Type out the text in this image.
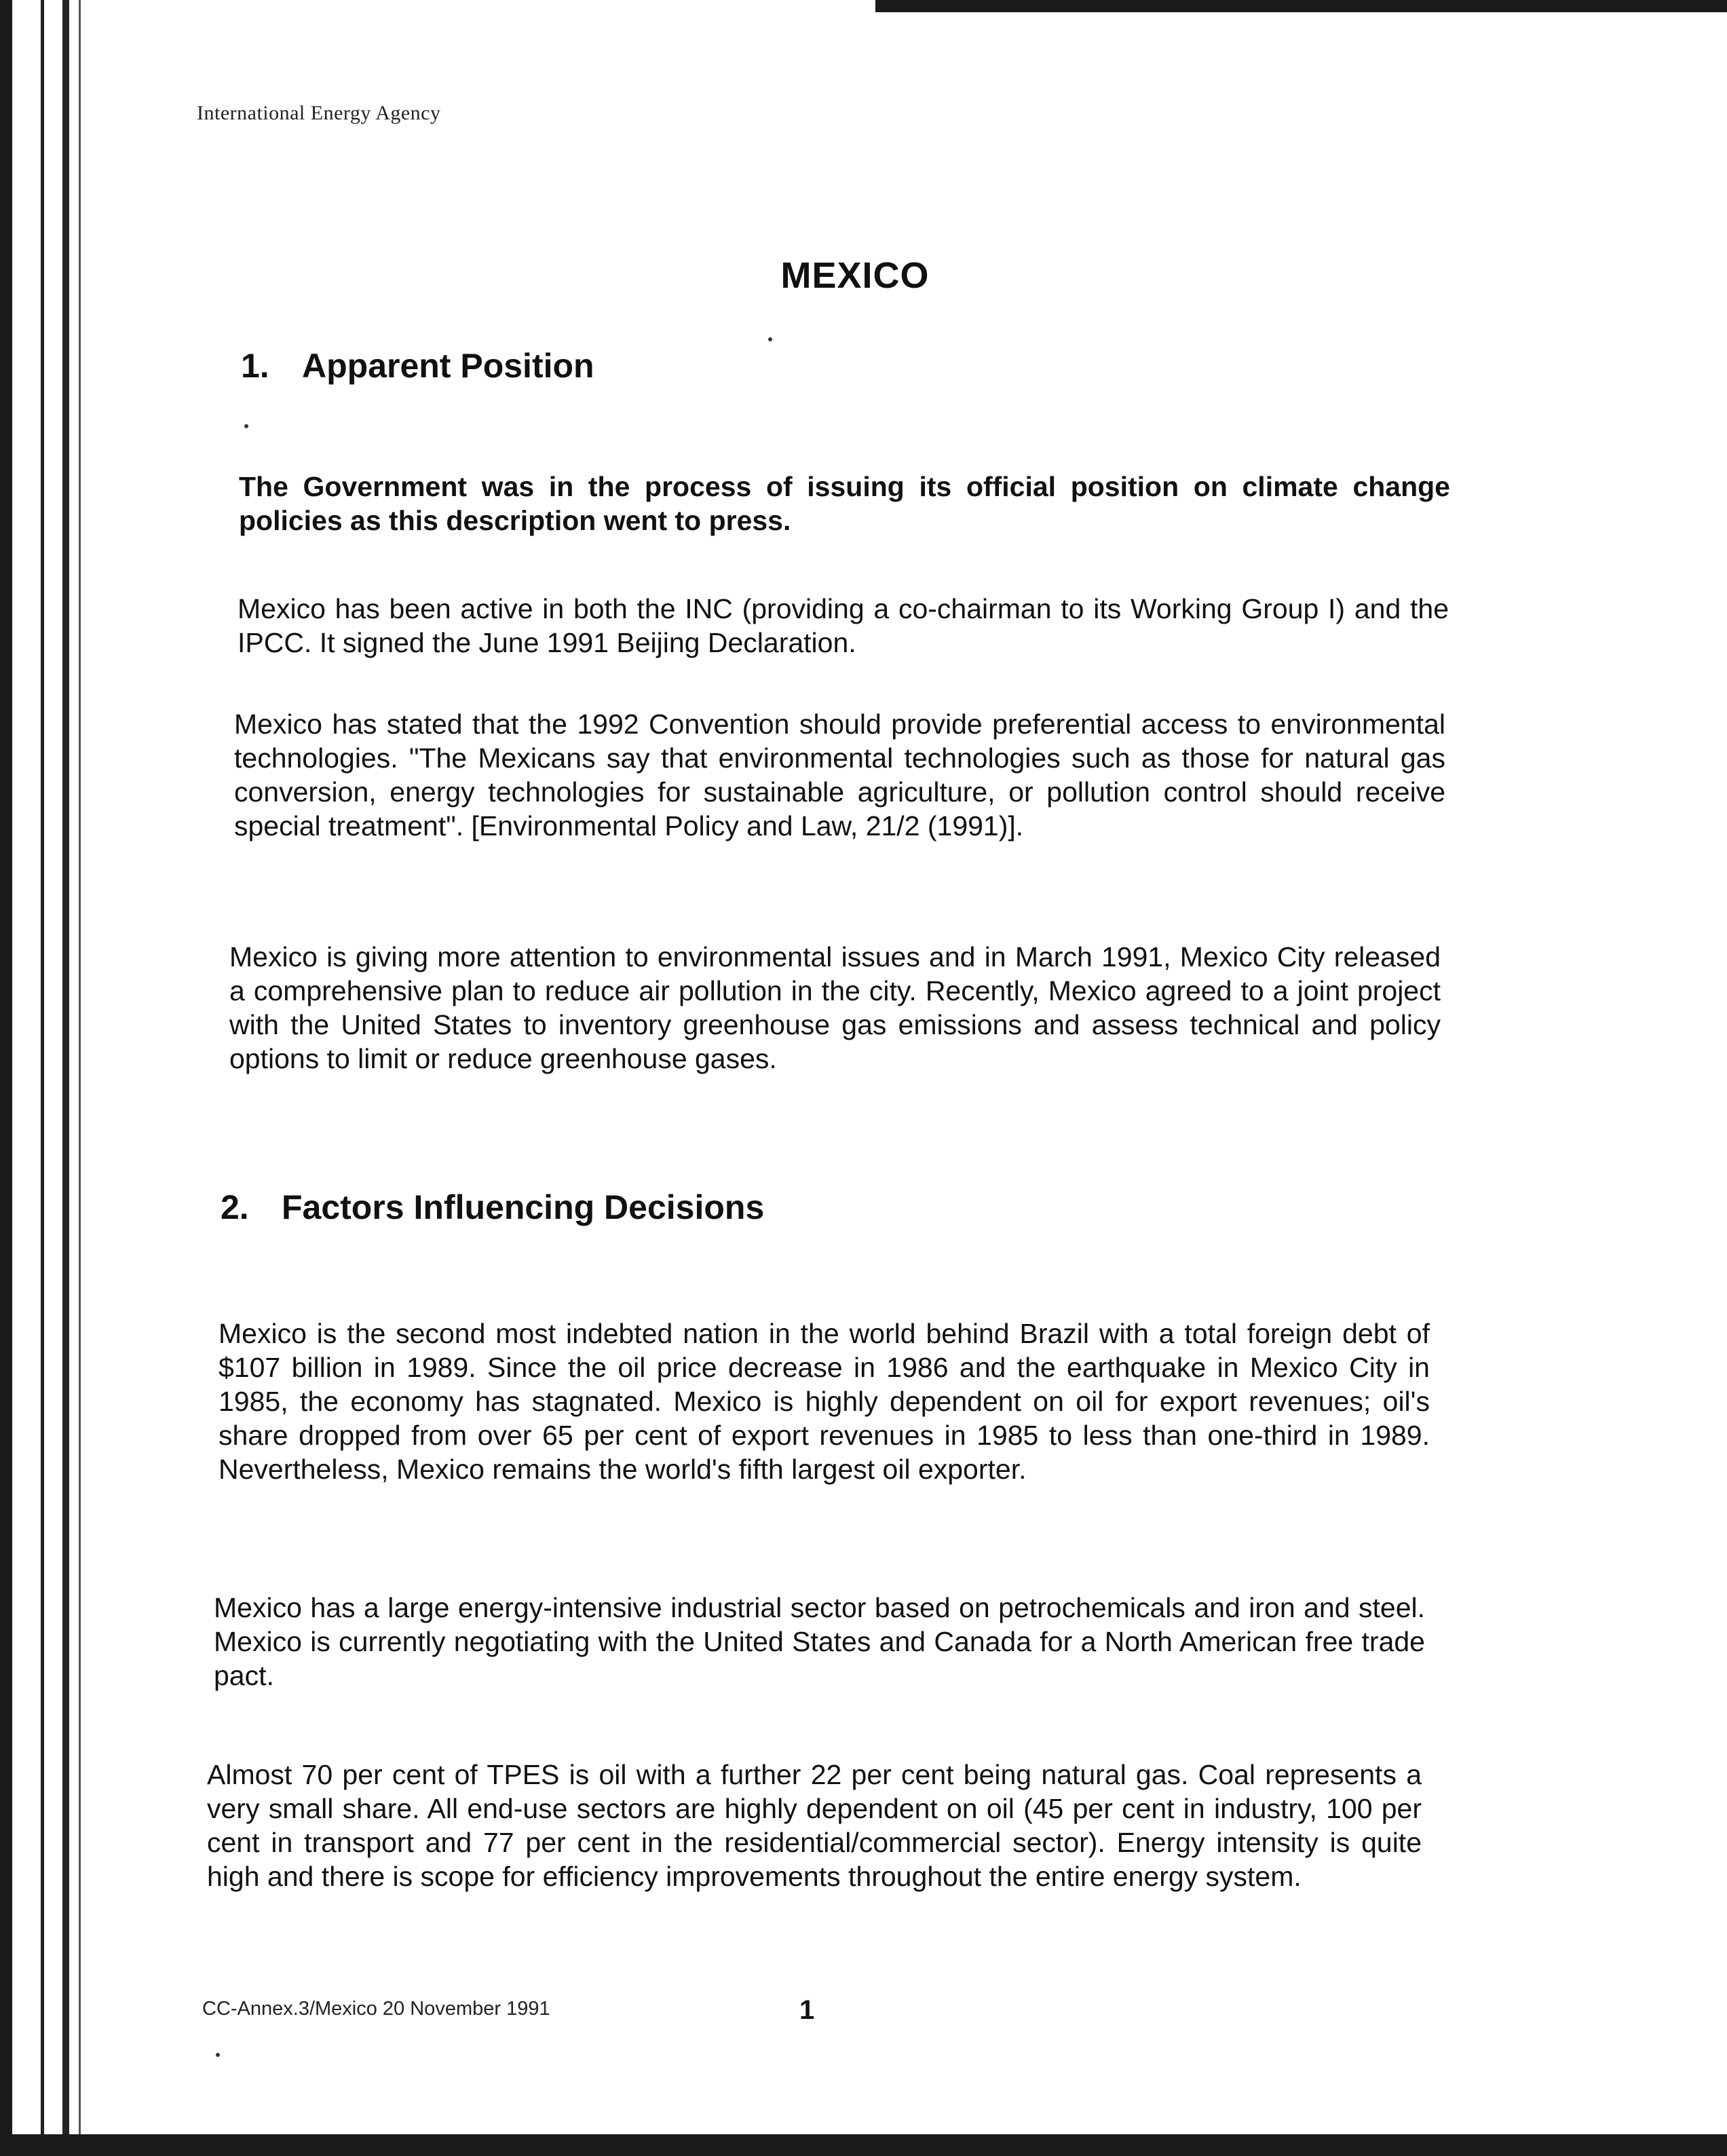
International Energy Agency
MEXICO
1. Apparent Position
The Government was in the process of issuing its official position on climate change policies as this description went to press.
Mexico has been active in both the INC (providing a co-chairman to its Working Group I) and the IPCC. It signed the June 1991 Beijing Declaration.
Mexico has stated that the 1992 Convention should provide preferential access to environmental technologies. "The Mexicans say that environmental technologies such as those for natural gas conversion, energy technologies for sustainable agriculture, or pollution control should receive special treatment". [Environmental Policy and Law, 21/2 (1991)].
Mexico is giving more attention to environmental issues and in March 1991, Mexico City released a comprehensive plan to reduce air pollution in the city. Recently, Mexico agreed to a joint project with the United States to inventory greenhouse gas emissions and assess technical and policy options to limit or reduce greenhouse gases.
2. Factors Influencing Decisions
Mexico is the second most indebted nation in the world behind Brazil with a total foreign debt of $107 billion in 1989. Since the oil price decrease in 1986 and the earthquake in Mexico City in 1985, the economy has stagnated. Mexico is highly dependent on oil for export revenues; oil's share dropped from over 65 per cent of export revenues in 1985 to less than one-third in 1989. Nevertheless, Mexico remains the world's fifth largest oil exporter.
Mexico has a large energy-intensive industrial sector based on petrochemicals and iron and steel. Mexico is currently negotiating with the United States and Canada for a North American free trade pact.
Almost 70 per cent of TPES is oil with a further 22 per cent being natural gas. Coal represents a very small share. All end-use sectors are highly dependent on oil (45 per cent in industry, 100 per cent in transport and 77 per cent in the residential/commercial sector). Energy intensity is quite high and there is scope for efficiency improvements throughout the entire energy system.
CC-Annex.3/Mexico 20 November 1991	1
